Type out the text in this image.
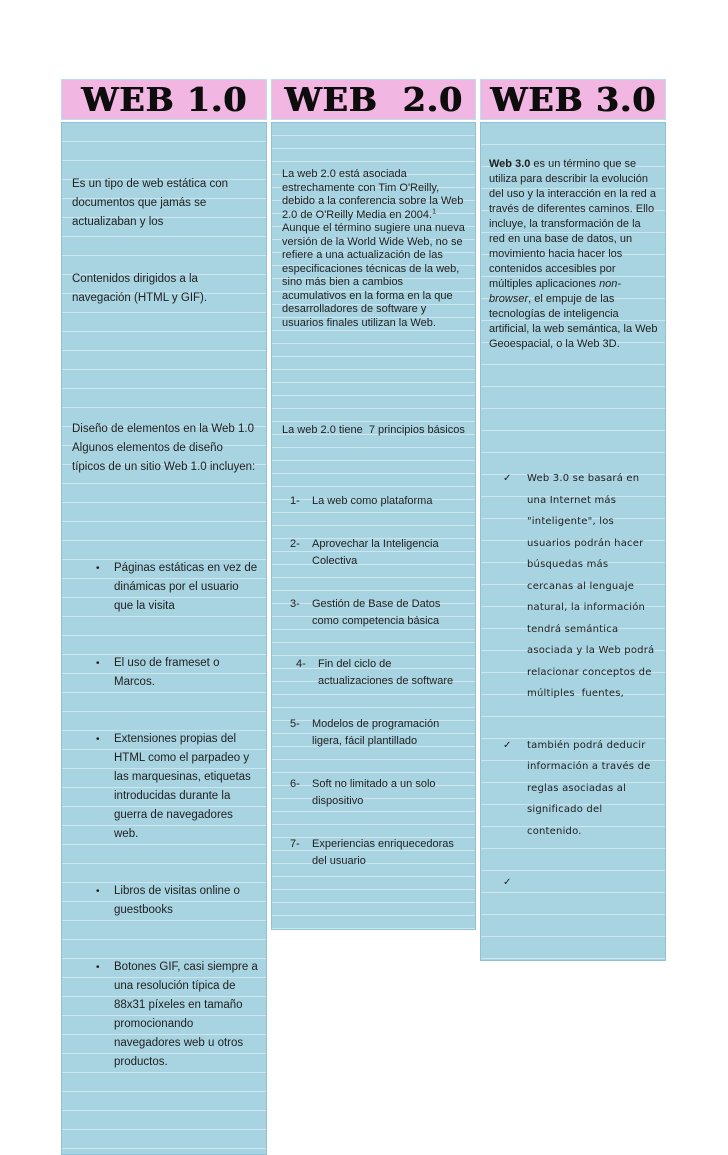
WEB 1.0

Es un tipo de web estática con documentos que jamás se actualizaban y los

Contenidos dirigidos a la navegación (HTML y GIF).

Diseño de elementos en la Web 1.0 Algunos elementos de diseño típicos de un sitio Web 1.0 incluyen:

•	Páginas estáticas en vez de dinámicas por el usuario que la visita

•	El uso de frameset o Marcos.

•	Extensiones propias del HTML como el parpadeo y las marquesinas, etiquetas introducidas durante la guerra de navegadores web.

•	Libros de visitas online o guestbooks

•	Botones GIF, casi siempre a una resolución típica de 88x31 píxeles en tamaño promocionando navegadores web u otros productos.

WEB  2.0

La web 2.0 está asociada estrechamente con Tim O'Reilly, debido a la conferencia sobre la Web 2.0 de O'Reilly Media en 2004.$^1$ Aunque el término sugiere una nueva versión de la World Wide Web, no se refiere a una actualización de las especificaciones técnicas de la web, sino más bien a cambios acumulativos en la forma en la que desarrolladores de software y usuarios finales utilizan la Web.

La web 2.0 tiene  7 principios básicos

1-	La web como plataforma

2-	Aprovechar la Inteligencia Colectiva

3-	Gestión de Base de Datos como competencia básica

4-	Fin del ciclo de actualizaciones de software

5-	Modelos de programación ligera, fácil plantillado

6-	Soft no limitado a un solo dispositivo

7-	Experiencias enriquecedoras del usuario

WEB 3.0

Web 3.0 es un término que se utiliza para describir la evolución del uso y la interacción en la red a través de diferentes caminos. Ello incluye, la transformación de la red en una base de datos, un movimiento hacia hacer los contenidos accesibles por múltiples aplicaciones non-browser, el empuje de las tecnologías de inteligencia artificial, la web semántica, la Web Geoespacial, o la Web 3D.

✓	Web 3.0 se basará en una Internet más "inteligente", los usuarios podrán hacer búsquedas más cercanas al lenguaje natural, la información tendrá semántica asociada y la Web podrá relacionar conceptos de múltiples  fuentes,

✓	también podrá deducir información a través de reglas asociadas al significado del contenido.

✓
